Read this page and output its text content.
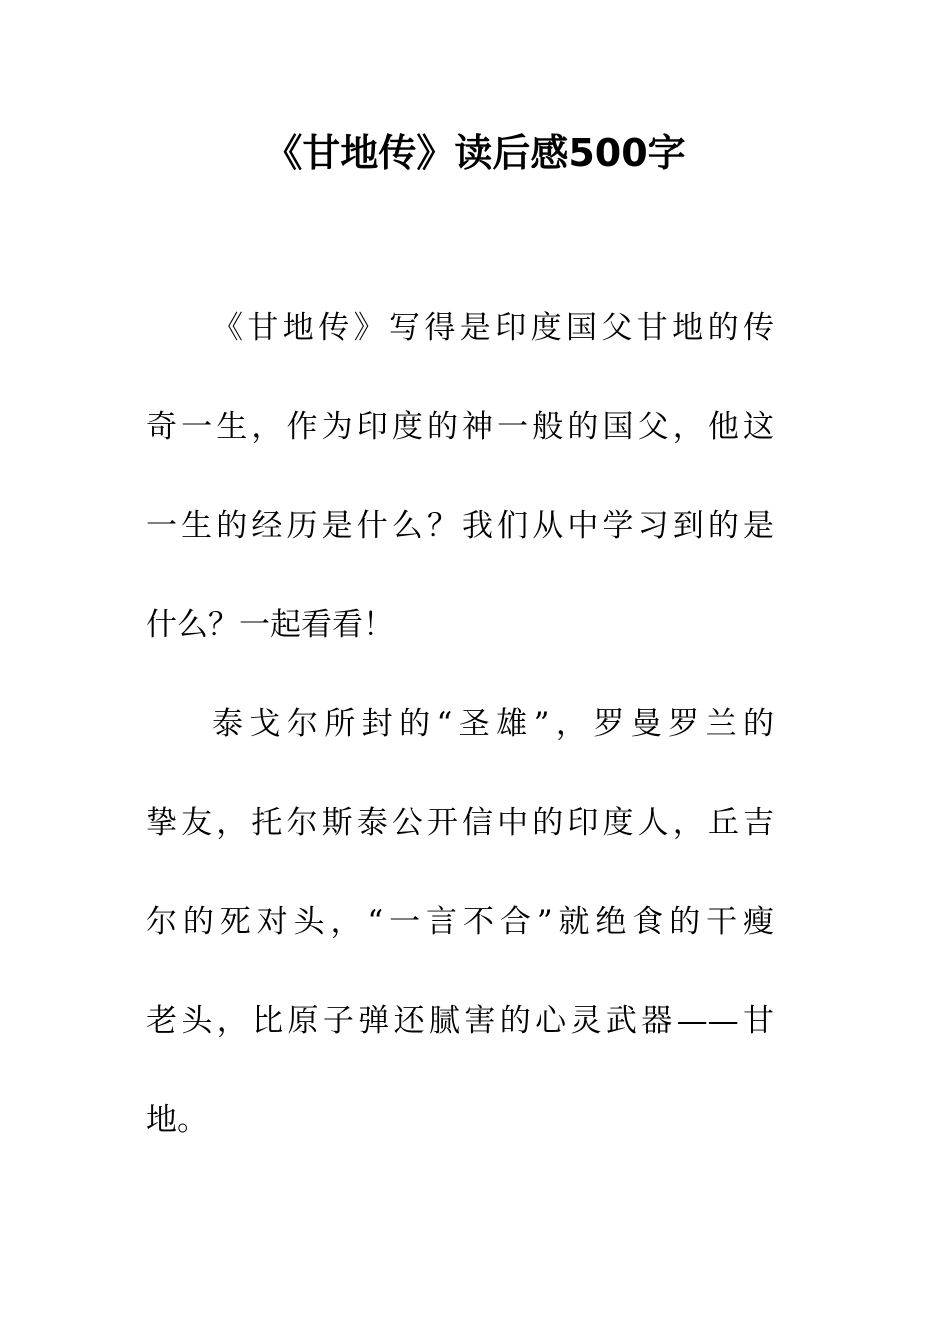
《甘地传》读后感500字
《甘地传》写得是印度国父甘地的传
奇一生，作为印度的神一般的国父，他这
一生的经历是什么？我们从中学习到的是
什么？一起看看！
泰戈尔所封的“圣雄”，罗曼罗兰的
挚友，托尔斯泰公开信中的印度人，丘吉
尔的死对头，“一言不合”就绝食的干瘦
老头，比原子弹还腻害的心灵武器——甘
地。
